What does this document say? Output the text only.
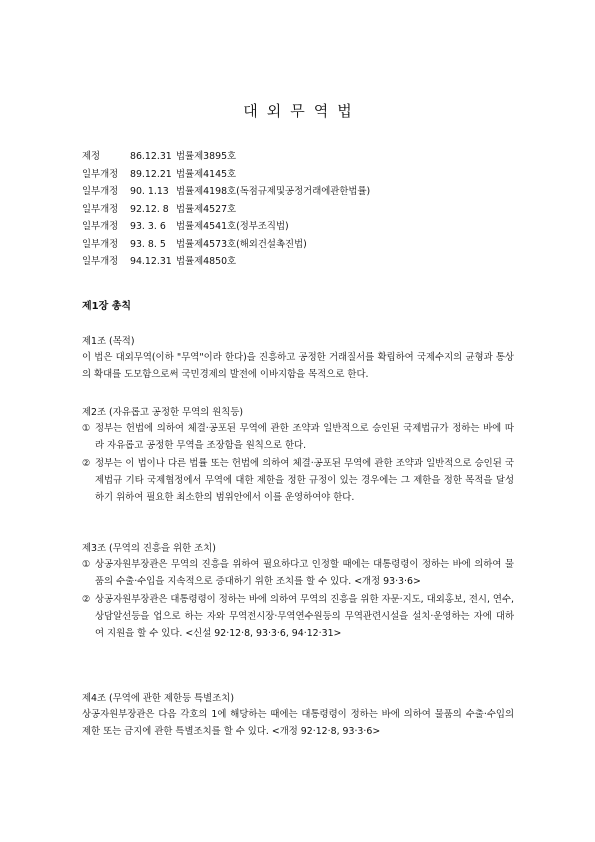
대외무역법
제정	86.12.31 법률제3895호
일부개정 89.12.21 법률제4145호
일부개정 90. 1.13 법률제4198호(독점규제및공정거래에관한법률)
일부개정 92.12. 8 법률제4527호
일부개정 93. 3. 6 법률제4541호(정부조직법)
일부개정 93. 8. 5 법률제4573호(해외건설촉진법)
일부개정 94.12.31 법률제4850호
제1장 총칙
제1조 (목적)
이 법은 대외무역(이하 "무역"이라 한다)을 진흥하고 공정한 거래질서를 확립하여 국제수지의 균형과 통상의 확대를 도모함으로써 국민경제의 발전에 이바지함을 목적으로 한다.
제2조 (자유롭고 공정한 무역의 원칙등)
① 정부는 헌법에 의하여 체결·공포된 무역에 관한 조약과 일반적으로 승인된 국제법규가 정하는 바에 따라 자유롭고 공정한 무역을 조장함을 원칙으로 한다.
② 정부는 이 법이나 다른 법률 또는 헌법에 의하여 체결·공포된 무역에 관한 조약과 일반적으로 승인된 국제법규 기타 국제협정에서 무역에 대한 제한을 정한 규정이 있는 경우에는 그 제한을 정한 목적을 달성하기 위하여 필요한 최소한의 범위안에서 이를 운영하여야 한다.
제3조 (무역의 진흥을 위한 조치)
① 상공자원부장관은 무역의 진흥을 위하여 필요하다고 인정할 때에는 대통령령이 정하는 바에 의하여 물품의 수출·수입을 지속적으로 증대하기 위한 조치를 할 수 있다. <개정 93·3·6>
② 상공자원부장관은 대통령령이 정하는 바에 의하여 무역의 진흥을 위한 자문·지도, 대외홍보, 전시, 연수, 상담알선등을 업으로 하는 자와 무역전시장·무역연수원등의 무역관련시설을 설치·운영하는 자에 대하여 지원을 할 수 있다. <신설 92·12·8, 93·3·6, 94·12·31>
제4조 (무역에 관한 제한등 특별조치)
상공자원부장관은 다음 각호의 1에 해당하는 때에는 대통령령이 정하는 바에 의하여 물품의 수출·수입의 제한 또는 금지에 관한 특별조치를 할 수 있다. <개정 92·12·8, 93·3·6>
